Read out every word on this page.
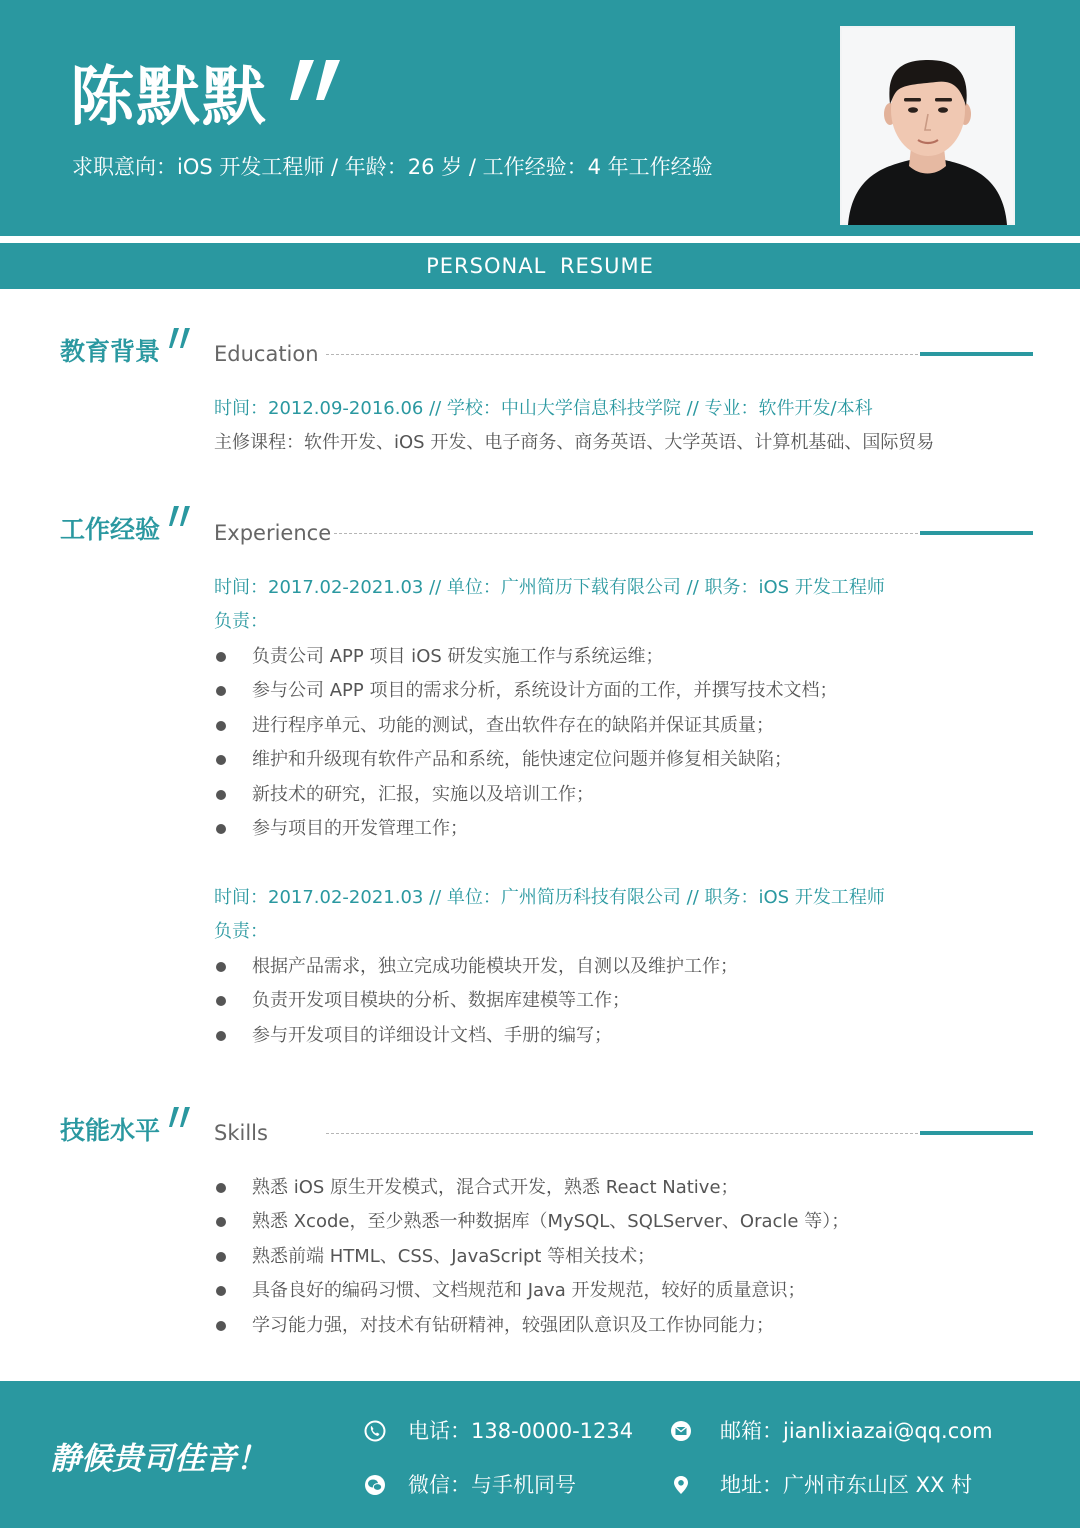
陈默默
求职意向：iOS 开发工程师 / 年龄：26 岁 / 工作经验：4 年工作经验
PERSONAL RESUME
教育背景	Education
时间：2012.09-2016.06 // 学校：中山大学信息科技学院 // 专业：软件开发/本科
主修课程：软件开发、iOS 开发、电子商务、商务英语、大学英语、计算机基础、国际贸易
工作经验	Experience
时间：2017.02-2021.03 // 单位：广州简历下载有限公司 // 职务：iOS 开发工程师
负责：
负责公司 APP 项目 iOS 研发实施工作与系统运维；
参与公司 APP 项目的需求分析，系统设计方面的工作，并撰写技术文档；
进行程序单元、功能的测试，查出软件存在的缺陷并保证其质量；
维护和升级现有软件产品和系统，能快速定位问题并修复相关缺陷；
新技术的研究，汇报，实施以及培训工作；
参与项目的开发管理工作；
时间：2017.02-2021.03 // 单位：广州简历科技有限公司 // 职务：iOS 开发工程师
负责：
根据产品需求，独立完成功能模块开发，自测以及维护工作；
负责开发项目模块的分析、数据库建模等工作；
参与开发项目的详细设计文档、手册的编写；
技能水平	Skills
熟悉 iOS 原生开发模式，混合式开发，熟悉 React Native；
熟悉 Xcode，至少熟悉一种数据库（MySQL、SQLServer、Oracle 等）；
熟悉前端 HTML、CSS、JavaScript 等相关技术；
具备良好的编码习惯、文档规范和 Java 开发规范，较好的质量意识；
学习能力强，对技术有钻研精神，较强团队意识及工作协同能力；
静候贵司佳音！
电话：138-0000-1234	邮箱：jianlixiazai@qq.com
微信：与手机同号	地址：广州市东山区 XX 村
